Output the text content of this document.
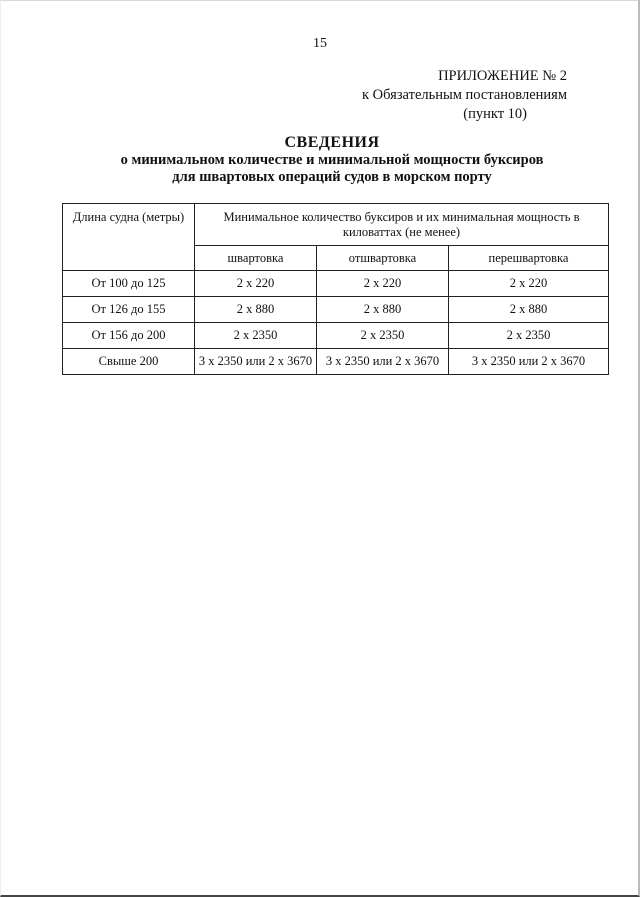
15
ПРИЛОЖЕНИЕ № 2
к Обязательным постановлениям
(пункт 10)
СВЕДЕНИЯ
о минимальном количестве и минимальной мощности буксиров
для швартовых операций судов в морском порту
Длина судна (метры)	Минимальное количество буксиров и их минимальная мощность в киловаттах (не менее)		
	швартовка	отшвартовка	перешвартовка
От 100 до 125	2 х 220	2 х 220	2 х 220
От 126 до 155	2 х 880	2 х 880	2 х 880
От 156 до 200	2 х 2350	2 х 2350	2 х 2350
Свыше 200	3 х 2350 или 2 х 3670	3 х 2350 или 2 х 3670	3 х 2350 или 2 х 3670
